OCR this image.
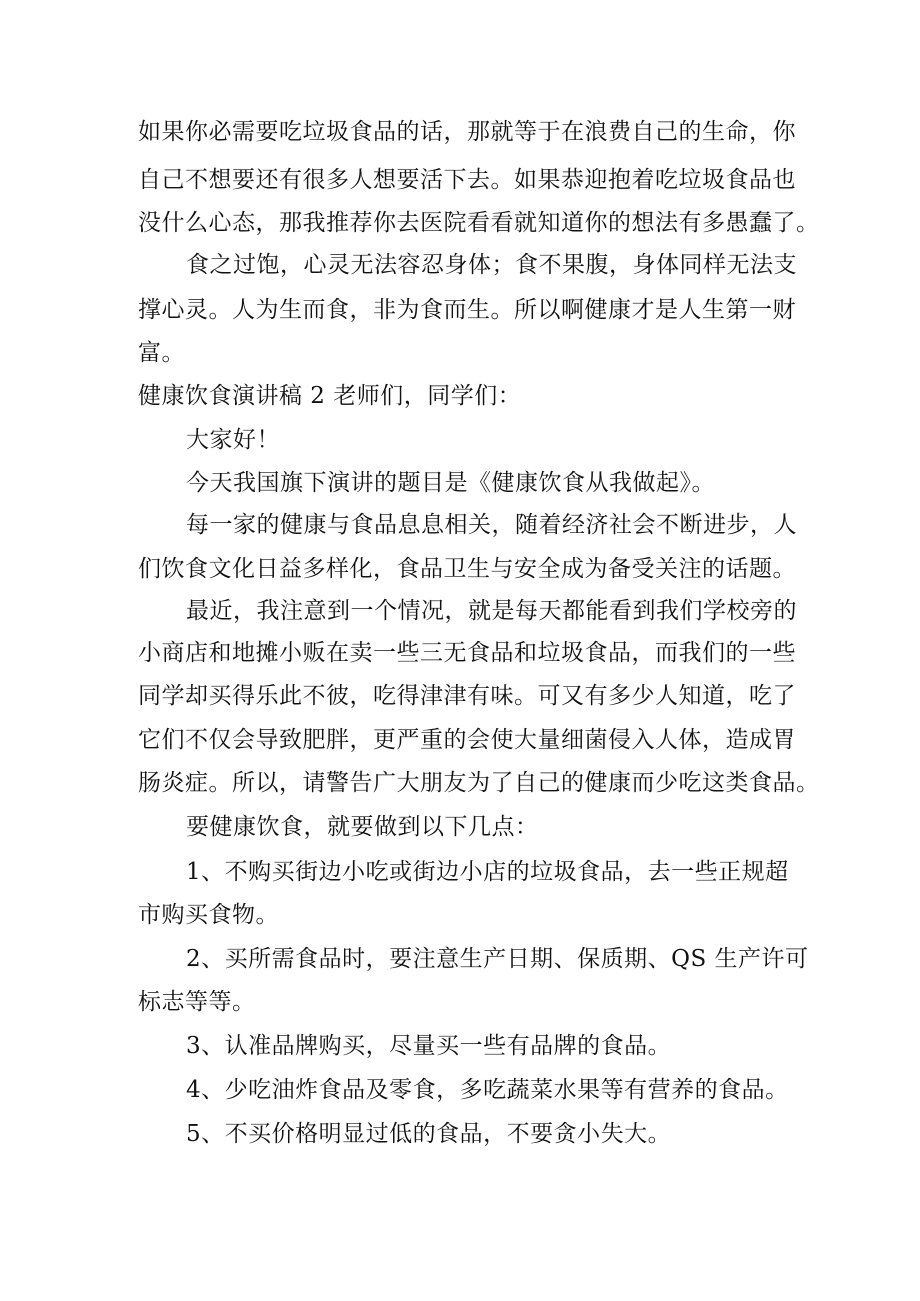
如果你必需要吃垃圾食品的话，那就等于在浪费自己的生命，你
自己不想要还有很多人想要活下去。如果恭迎抱着吃垃圾食品也
没什么心态，那我推荐你去医院看看就知道你的想法有多愚蠢了。
食之过饱，心灵无法容忍身体；食不果腹，身体同样无法支
撑心灵。人为生而食，非为食而生。所以啊健康才是人生第一财
富。
健康饮食演讲稿 2 老师们，同学们：
大家好！
今天我国旗下演讲的题目是《健康饮食从我做起》。
每一家的健康与食品息息相关，随着经济社会不断进步，人
们饮食文化日益多样化，食品卫生与安全成为备受关注的话题。
最近，我注意到一个情况，就是每天都能看到我们学校旁的
小商店和地摊小贩在卖一些三无食品和垃圾食品，而我们的一些
同学却买得乐此不彼，吃得津津有味。可又有多少人知道，吃了
它们不仅会导致肥胖，更严重的会使大量细菌侵入人体，造成胃
肠炎症。所以，请警告广大朋友为了自己的健康而少吃这类食品。
要健康饮食，就要做到以下几点：
1、不购买街边小吃或街边小店的垃圾食品，去一些正规超
市购买食物。
2、买所需食品时，要注意生产日期、保质期、QS 生产许可
标志等等。
3、认准品牌购买，尽量买一些有品牌的食品。
4、少吃油炸食品及零食，多吃蔬菜水果等有营养的食品。
5、不买价格明显过低的食品，不要贪小失大。
